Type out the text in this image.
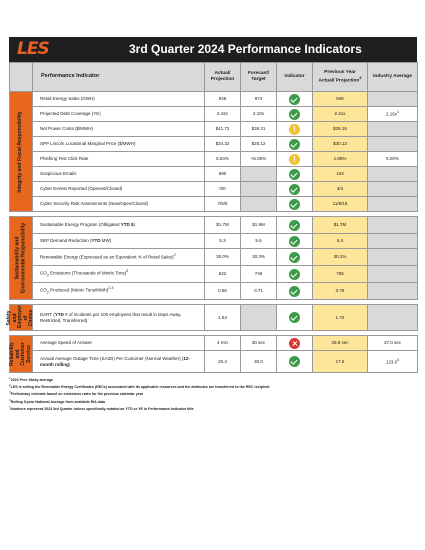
LES	3rd Quarter 2024 Performance Indicators
	Performance Indicator	Actual/ Projection	Forecast/ Target	Indicator	Previous Year Actual/ Projection$^4$	Industry Average

Integrity and Fiscal Responsibility	Retail Energy Sales (GWH)	946	974		946	
	Projected Debt Coverage (YE)	2.42x	2.10x		2.41x	$2.16x^1$
	Net Power Costs ($/MWH)	$41.72	$39.21	!	$39.16	
	SPP Lincoln Locational Marginal Price ($/MWH)	$24.32	$25.12		$30.13	
	Phishing Test Click Rate	5.54%	<5.00%	!	1.89%	5.00%
	Suspicious Emails	690			163	
	Cyber Events Reported (Opened/Closed)	0/0			4/4	
	Cyber Security Risk Assessments (New/Open/Closed)	7/6/9			11/9/15	

Sustainability and Environmental Responsibility	Sustainable Energy Program (Obligated YTD $)	$1.7M	$1.9M		$1.7M	
	SEP Demand Reduction (YTD MW)	5.3	5.6		5.4	
	Renewable Energy (Expressed as an Equivalent % of Retail Sales)$^2$	30.0%	30.3%		30.2%	
	$CO_2$ Emissions (Thousands of Metric Tons)$^3$	622	746		766	
	$CO_2$ Produced (Metric Tons/MWh)$^{2,3}$	0.66	0.71		0.75	

Safety and Employer of Choice	DART (YTD # of incidents per 100 employees that result in Days Away, Restricted, Transferred)	1.54			1.72	

Reliability and Customer Service	Average Speed of Answer	4 min	30 sec		28.8 sec	37.0 sec
	Annual Average Outage Time (SAIDI) Per Customer (Normal Weather) (12-month rolling)	20.4	30.0		17.6	123.0$^4$
$^1$2023 Peer Study average
$^2$LES is selling the Renewable Energy Certificates (RECs) associated with its applicable resources and the attributes are transferred to the REC recipient
$^3$Preliminary estimate based on emissions rates for the previous calendar year
$^4$Rolling 5-year National Average from available EIA data
*Numbers represent 2023 3rd Quarter unless specifically notated as YTD or YE in Performance Indicator title
